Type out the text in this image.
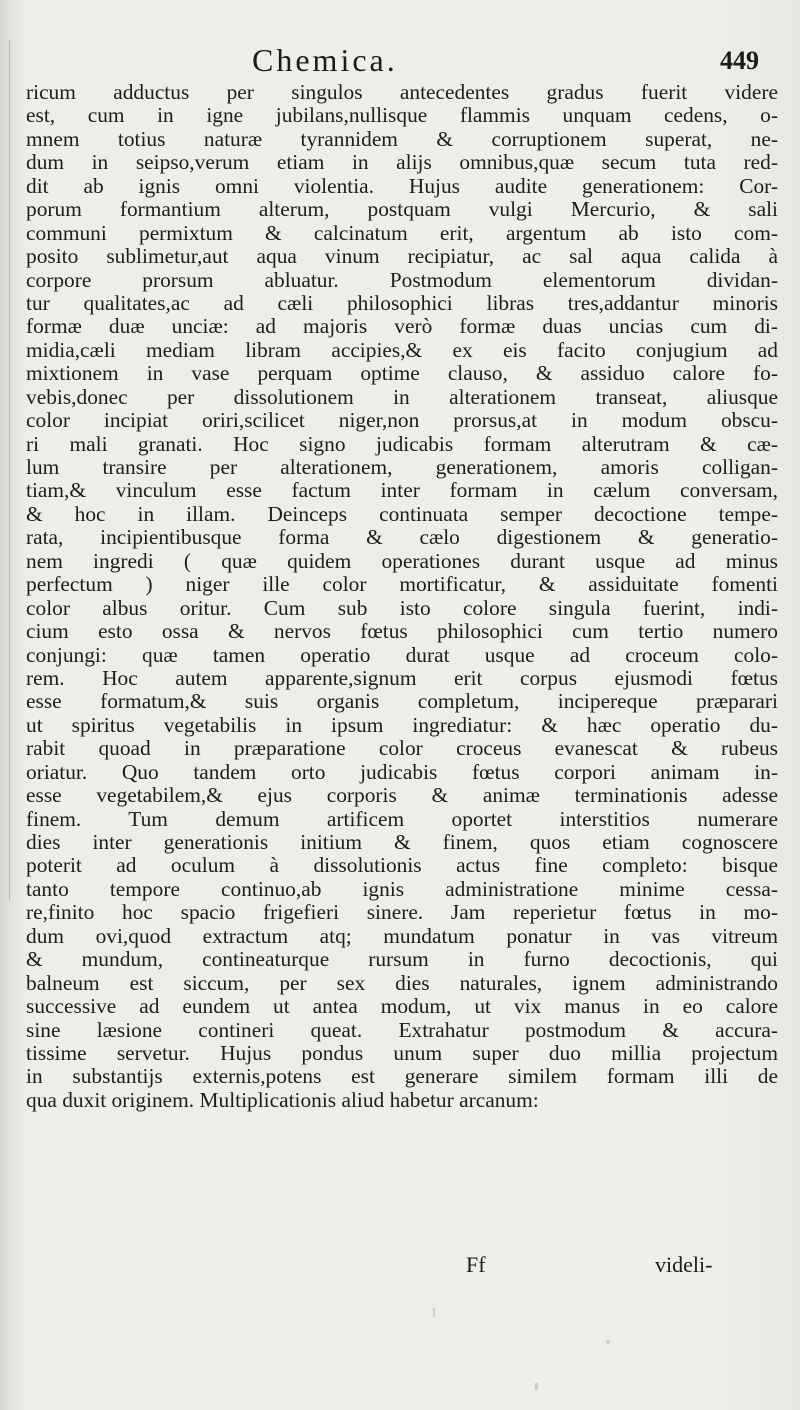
Chemica.	449
ricum adductus per singulos antecedentes gradus fuerit videre
est, cum in igne jubilans,nullisque flammis unquam cedens, o-
mnem totius naturæ tyrannidem & corruptionem superat, ne-
dum in seipso,verum etiam in alijs omnibus,quæ secum tuta red-
dit ab ignis omni violentia. Hujus audite generationem: Cor-
porum formantium alterum, postquam vulgi Mercurio, & sali
communi permixtum & calcinatum erit, argentum ab isto com-
posito sublimetur,aut aqua vinum recipiatur, ac sal aqua calida à
corpore prorsum abluatur. Postmodum elementorum dividan-
tur qualitates,ac ad cæli philosophici libras tres,addantur minoris
formæ duæ unciæ: ad majoris verò formæ duas uncias cum di-
midia,cæli mediam libram accipies,& ex eis facito conjugium ad
mixtionem in vase perquam optime clauso, & assiduo calore fo-
vebis,donec per dissolutionem in alterationem transeat, aliusque
color incipiat oriri,scilicet niger,non prorsus,at in modum obscu-
ri mali granati. Hoc signo judicabis formam alterutram & cæ-
lum transire per alterationem, generationem, amoris colligan-
tiam,& vinculum esse factum inter formam in cælum conversam,
& hoc in illam. Deinceps continuata semper decoctione tempe-
rata, incipientibusque forma & cælo digestionem & generatio-
nem ingredi ( quæ quidem operationes durant usque ad minus
perfectum ) niger ille color mortificatur, & assiduitate fomenti
color albus oritur. Cum sub isto colore singula fuerint, indi-
cium esto ossa & nervos fœtus philosophici cum tertio numero
conjungi: quæ tamen operatio durat usque ad croceum colo-
rem. Hoc autem apparente,signum erit corpus ejusmodi fœtus
esse formatum,& suis organis completum, incipereque præparari
ut spiritus vegetabilis in ipsum ingrediatur: & hæc operatio du-
rabit quoad in præparatione color croceus evanescat & rubeus
oriatur. Quo tandem orto judicabis fœtus corpori animam in-
esse vegetabilem,& ejus corporis & animæ terminationis adesse
finem. Tum demum artificem oportet interstitios numerare
dies inter generationis initium & finem, quos etiam cognoscere
poterit ad oculum à dissolutionis actus fine completo: bisque
tanto tempore continuo,ab ignis administratione minime cessa-
re,finito hoc spacio frigefieri sinere. Jam reperietur fœtus in mo-
dum ovi,quod extractum atq; mundatum ponatur in vas vitreum
& mundum, contineaturque rursum in furno decoctionis, qui
balneum est siccum, per sex dies naturales, ignem administrando
successive ad eundem ut antea modum, ut vix manus in eo calore
sine læsione contineri queat. Extrahatur postmodum & accura-
tissime servetur. Hujus pondus unum super duo millia projectum
in substantijs externis,potens est generare similem formam illi de
qua duxit originem. Multiplicationis aliud habetur arcanum:
Ff	videli-
